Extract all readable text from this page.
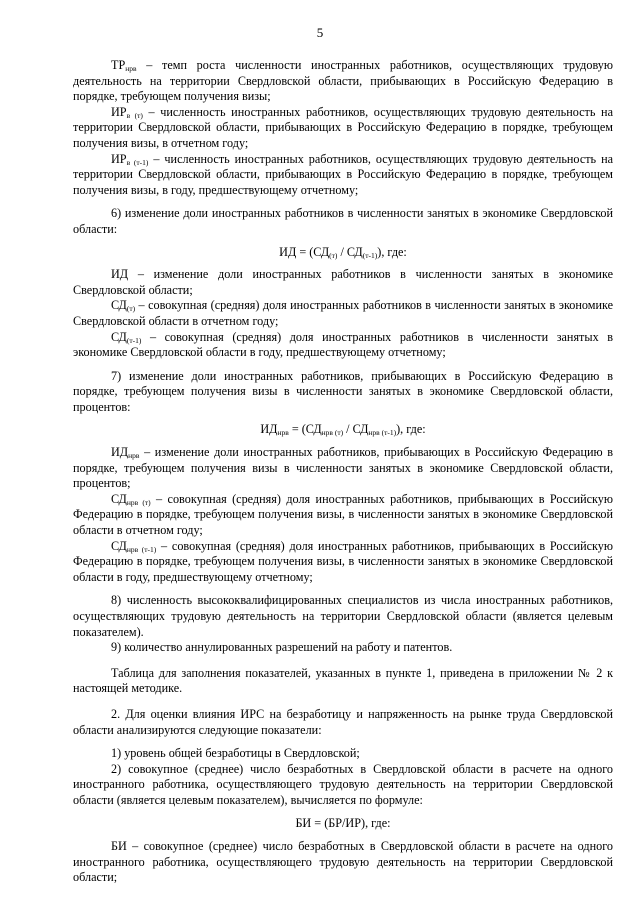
5

$ТР_{нрв}$ – темп роста численности иностранных работников, осуществляющих трудовую деятельность на территории Свердловской области, прибывающих в Российскую Федерацию в порядке, требующем получения визы;

$ИР_{в (т)}$ – численность иностранных работников, осуществляющих трудовую деятельность на территории Свердловской области, прибывающих в Российскую Федерацию в порядке, требующем получения визы, в отчетном году;

$ИР_{в (т-1)}$ – численность иностранных работников, осуществляющих трудовую деятельность на территории Свердловской области, прибывающих в Российскую Федерацию в порядке, требующем получения визы, в году, предшествующему отчетному;

6) изменение доли иностранных работников в численности занятых в экономике Свердловской области:

ИД = $(СД_{(т)} / СД_{(т-1)})$, где:

ИД – изменение доли иностранных работников в численности занятых в экономике Свердловской области;

$СД_{(т)}$ – совокупная (средняя) доля иностранных работников в численности занятых в экономике Свердловской области в отчетном году;

$СД_{(т-1)}$ – совокупная (средняя) доля иностранных работников в численности занятых в экономике Свердловской области в году, предшествующему отчетному;

7) изменение доли иностранных работников, прибывающих в Российскую Федерацию в порядке, требующем получения визы в численности занятых в экономике Свердловской области, процентов:

$ИД_{нрв} = (СД_{нрв (т)} / СД_{нрв (т-1)})$, где:

$ИД_{нрв}$ – изменение доли иностранных работников, прибывающих в Российскую Федерацию в порядке, требующем получения визы в численности занятых в экономике Свердловской области, процентов;

$СД_{нрв (т)}$ – совокупная (средняя) доля иностранных работников, прибывающих в Российскую Федерацию в порядке, требующем получения визы, в численности занятых в экономике Свердловской области в отчетном году;

$СД_{нрв (т-1)}$ – совокупная (средняя) доля иностранных работников, прибывающих в Российскую Федерацию в порядке, требующем получения визы, в численности занятых в экономике Свердловской области в году, предшествующему отчетному;

8) численность высококвалифицированных специалистов из числа иностранных работников, осуществляющих трудовую деятельность на территории Свердловской области (является целевым показателем).

9) количество аннулированных разрешений на работу и патентов.

Таблица для заполнения показателей, указанных в пункте 1, приведена в приложении № 2 к настоящей методике.

2. Для оценки влияния ИРС на безработицу и напряженность на рынке труда Свердловской области анализируются следующие показатели:

1) уровень общей безработицы в Свердловской;

2) совокупное (среднее) число безработных в Свердловской области в расчете на одного иностранного работника, осуществляющего трудовую деятельность на территории Свердловской области (является целевым показателем), вычисляется по формуле:

БИ = (БР/ИР), где:

БИ – совокупное (среднее) число безработных в Свердловской области в расчете на одного иностранного работника, осуществляющего трудовую деятельность на территории Свердловской области;
